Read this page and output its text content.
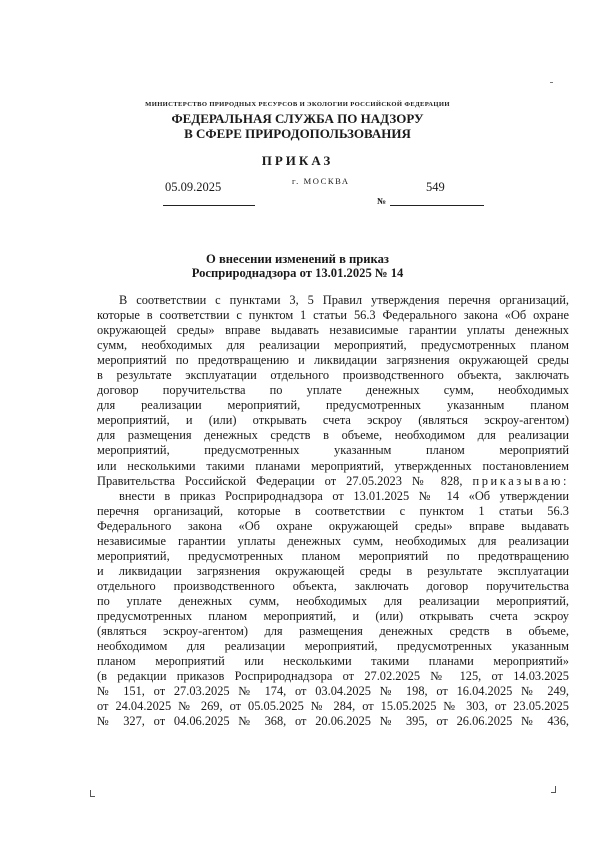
МИНИСТЕРСТВО ПРИРОДНЫХ РЕСУРСОВ И ЭКОЛОГИИ РОССИЙСКОЙ ФЕДЕРАЦИИ
ФЕДЕРАЛЬНАЯ СЛУЖБА ПО НАДЗОРУ
В СФЕРЕ ПРИРОДОПОЛЬЗОВАНИЯ
ПРИКАЗ
05.09.2025	г. МОСКВА
№
549
О внесении изменений в приказ
Росприроднадзора от 13.01.2025 № 14
В соответствии с пунктами 3, 5 Правил утверждения перечня организаций,
которые в соответствии с пунктом 1 статьи 56.3 Федерального закона «Об охране
окружающей среды» вправе выдавать независимые гарантии уплаты денежных
сумм, необходимых для реализации мероприятий, предусмотренных планом
мероприятий по предотвращению и ликвидации загрязнения окружающей среды
в результате эксплуатации отдельного производственного объекта, заключать
договор поручительства по уплате денежных сумм, необходимых
для реализации мероприятий, предусмотренных указанным планом
мероприятий, и (или) открывать счета эскроу (являться эскроу-агентом)
для размещения денежных средств в объеме, необходимом для реализации
мероприятий, предусмотренных указанным планом мероприятий
или несколькими такими планами мероприятий, утвержденных постановлением
Правительства Российской Федерации от 27.05.2023 № 828, приказываю:
внести в приказ Росприроднадзора от 13.01.2025 № 14 «Об утверждении
перечня организаций, которые в соответствии с пунктом 1 статьи 56.3
Федерального закона «Об охране окружающей среды» вправе выдавать
независимые гарантии уплаты денежных сумм, необходимых для реализации
мероприятий, предусмотренных планом мероприятий по предотвращению
и ликвидации загрязнения окружающей среды в результате эксплуатации
отдельного производственного объекта, заключать договор поручительства
по уплате денежных сумм, необходимых для реализации мероприятий,
предусмотренных планом мероприятий, и (или) открывать счета эскроу
(являться эскроу-агентом) для размещения денежных средств в объеме,
необходимом для реализации мероприятий, предусмотренных указанным
планом мероприятий или несколькими такими планами мероприятий»
(в редакции приказов Росприроднадзора от 27.02.2025 № 125, от 14.03.2025
№ 151, от 27.03.2025 № 174, от 03.04.2025 № 198, от 16.04.2025 № 249,
от 24.04.2025 № 269, от 05.05.2025 № 284, от 15.05.2025 № 303, от 23.05.2025
№ 327, от 04.06.2025 № 368, от 20.06.2025 № 395, от 26.06.2025 № 436,
